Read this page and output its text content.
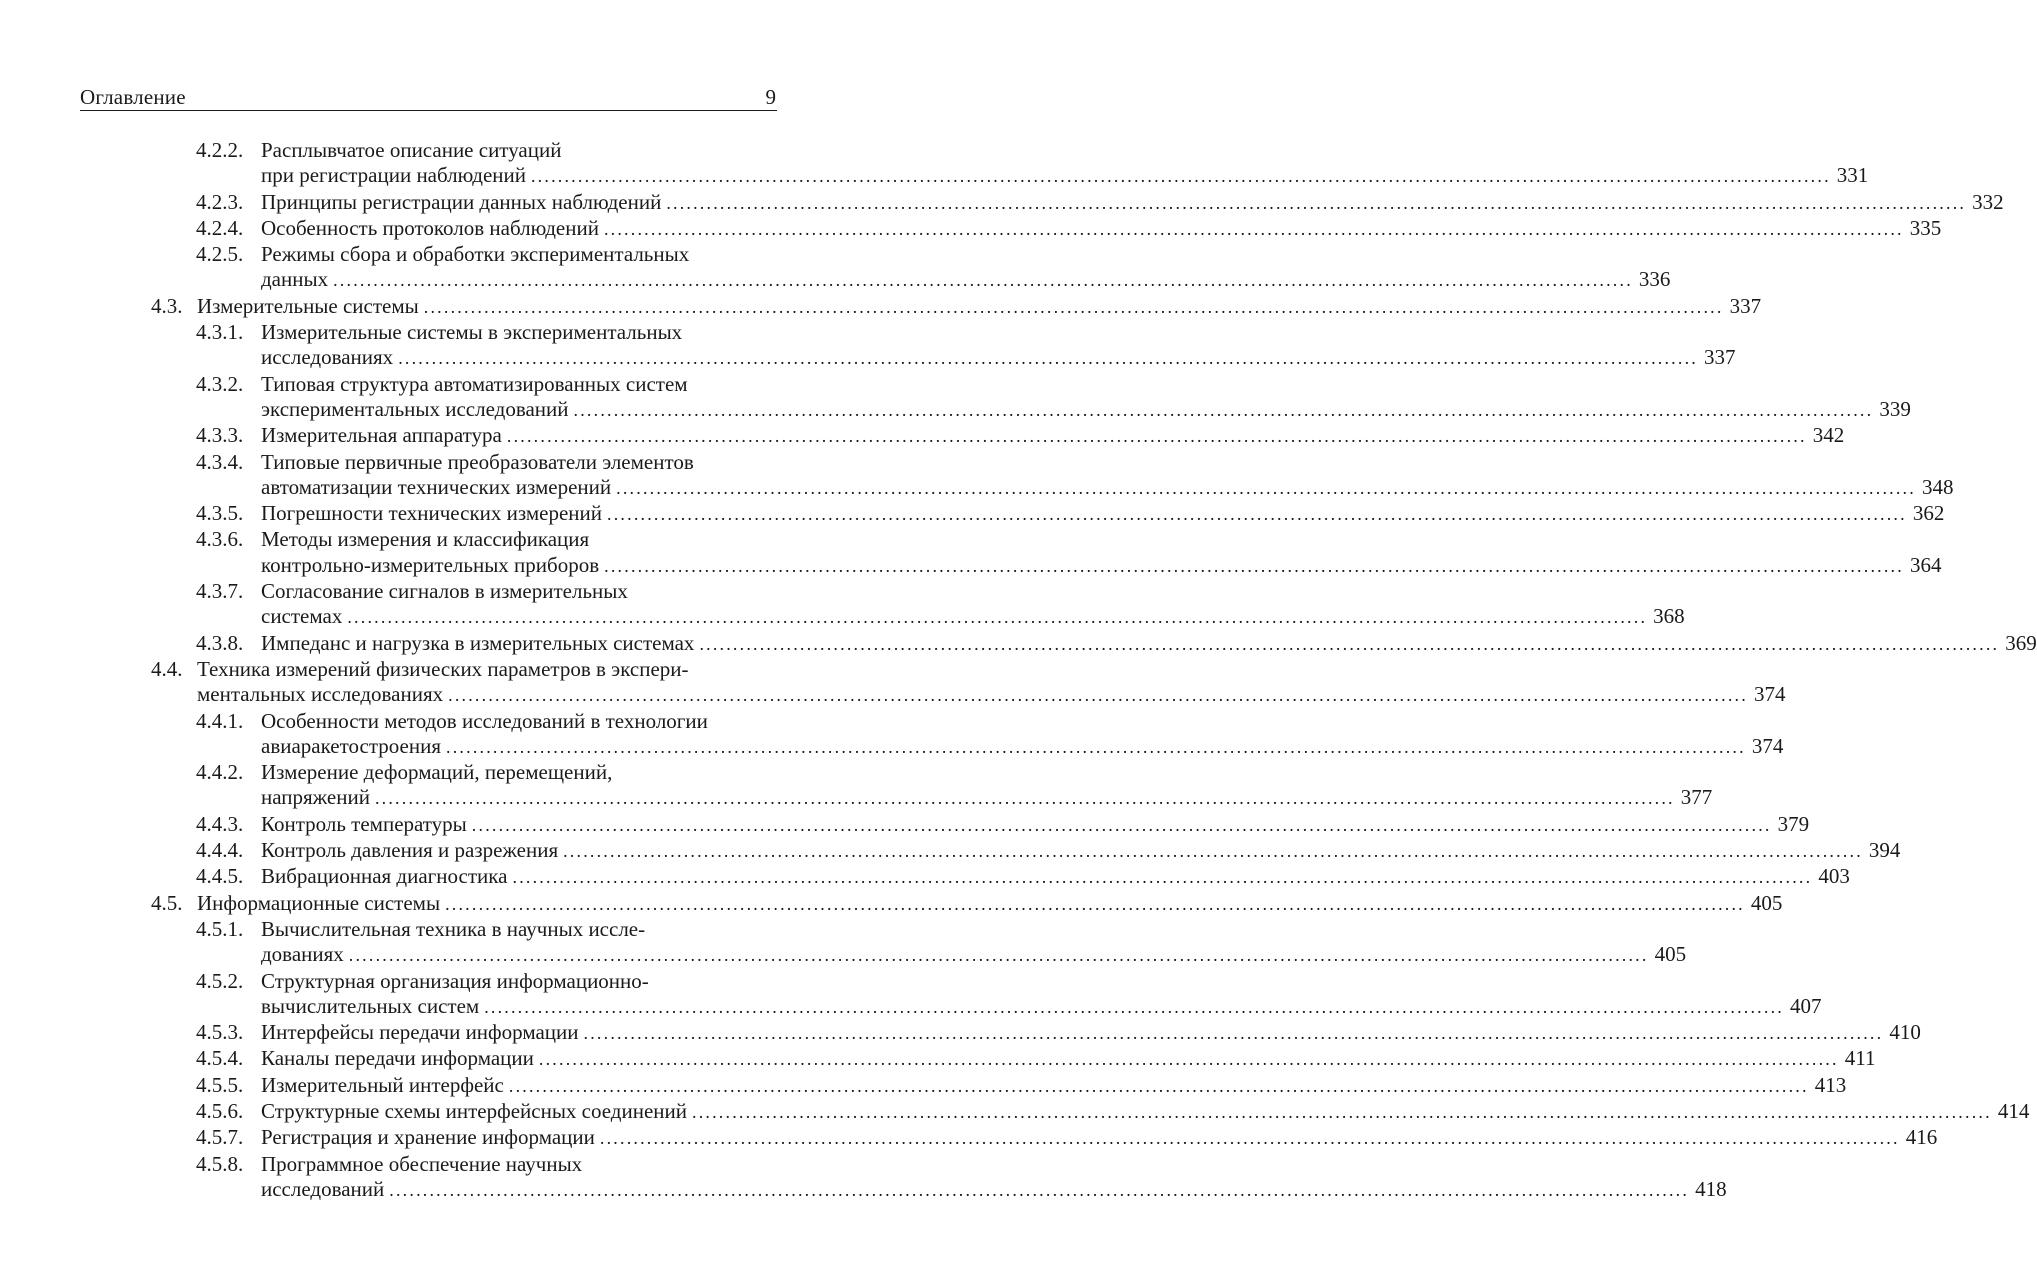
Оглавление	9
4.2.2. Расплывчатое описание ситуаций
при регистрации наблюдений .................................................................................................................................................................................................. 331
4.2.3. Принципы регистрации данных наблюдений .................................................................................................................................................................................................. 332
4.2.4. Особенность протоколов наблюдений .................................................................................................................................................................................................. 335
4.2.5. Режимы сбора и обработки экспериментальных
данных .................................................................................................................................................................................................. 336
4.3. Измерительные системы .................................................................................................................................................................................................. 337
4.3.1. Измерительные системы в экспериментальных
исследованиях .................................................................................................................................................................................................. 337
4.3.2. Типовая структура автоматизированных систем
экспериментальных исследований .................................................................................................................................................................................................. 339
4.3.3. Измерительная аппаратура .................................................................................................................................................................................................. 342
4.3.4. Типовые первичные преобразователи элементов
автоматизации технических измерений .................................................................................................................................................................................................. 348
4.3.5. Погрешности технических измерений .................................................................................................................................................................................................. 362
4.3.6. Методы измерения и классификация
контрольно-измерительных приборов .................................................................................................................................................................................................. 364
4.3.7. Согласование сигналов в измерительных
системах .................................................................................................................................................................................................. 368
4.3.8. Импеданс и нагрузка в измерительных системах .................................................................................................................................................................................................. 369
4.4. Техника измерений физических параметров в экспери-
ментальных исследованиях .................................................................................................................................................................................................. 374
4.4.1. Особенности методов исследований в технологии
авиаракетостроения .................................................................................................................................................................................................. 374
4.4.2. Измерение деформаций, перемещений,
напряжений .................................................................................................................................................................................................. 377
4.4.3. Контроль температуры .................................................................................................................................................................................................. 379
4.4.4. Контроль давления и разрежения .................................................................................................................................................................................................. 394
4.4.5. Вибрационная диагностика .................................................................................................................................................................................................. 403
4.5. Информационные системы .................................................................................................................................................................................................. 405
4.5.1. Вычислительная техника в научных иссле-
дованиях .................................................................................................................................................................................................. 405
4.5.2. Структурная организация информационно-
вычислительных систем .................................................................................................................................................................................................. 407
4.5.3. Интерфейсы передачи информации .................................................................................................................................................................................................. 410
4.5.4. Каналы передачи информации .................................................................................................................................................................................................. 411
4.5.5. Измерительный интерфейс .................................................................................................................................................................................................. 413
4.5.6. Структурные схемы интерфейсных соединений .................................................................................................................................................................................................. 414
4.5.7. Регистрация и хранение информации .................................................................................................................................................................................................. 416
4.5.8. Программное обеспечение научных
исследований .................................................................................................................................................................................................. 418
